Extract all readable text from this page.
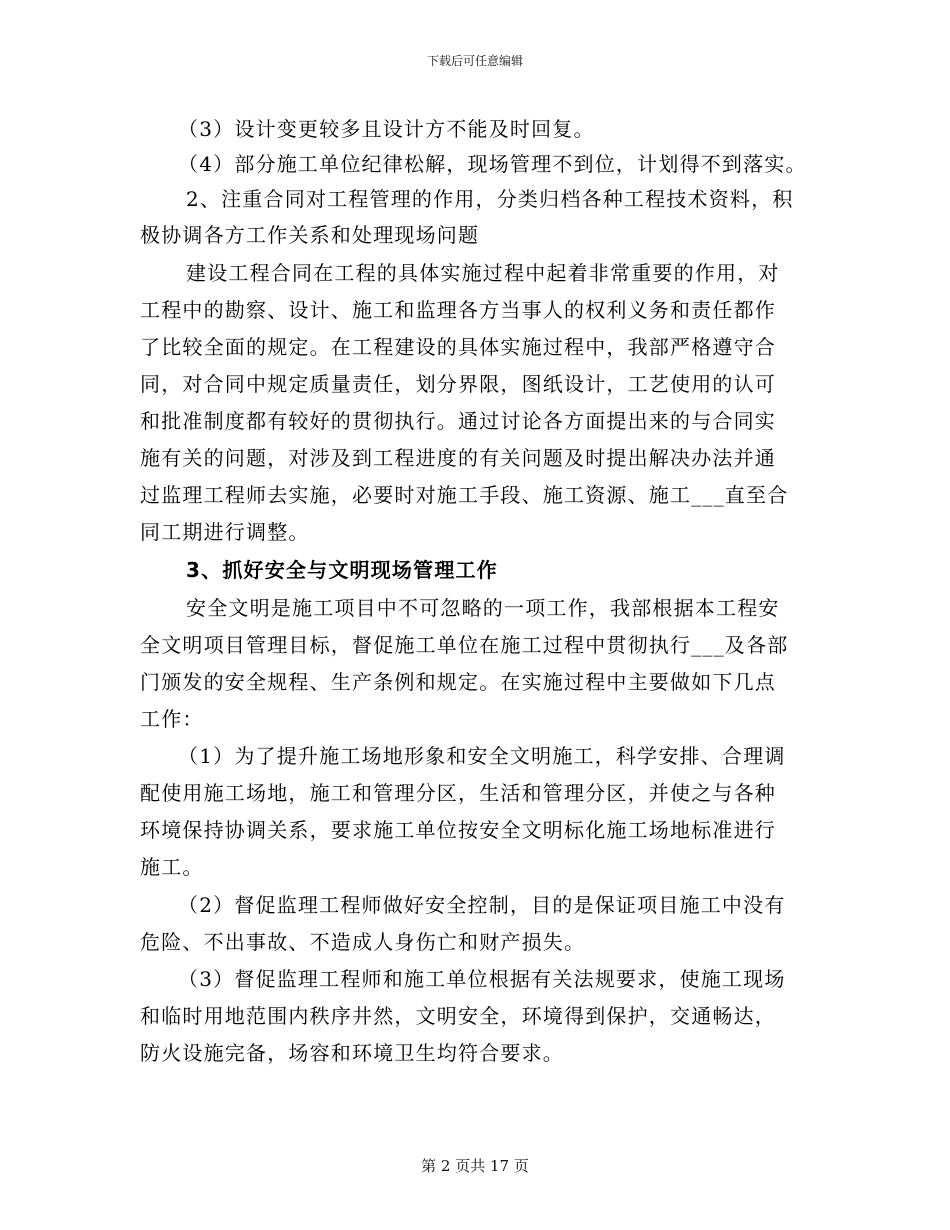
下载后可任意编辑
（3）设计变更较多且设计方不能及时回复。
（4）部分施工单位纪律松解，现场管理不到位，计划得不到落实。
2、注重合同对工程管理的作用，分类归档各种工程技术资料，积
极协调各方工作关系和处理现场问题
建设工程合同在工程的具体实施过程中起着非常重要的作用，对
工程中的勘察、设计、施工和监理各方当事人的权利义务和责任都作
了比较全面的规定。在工程建设的具体实施过程中，我部严格遵守合
同，对合同中规定质量责任，划分界限，图纸设计，工艺使用的认可
和批准制度都有较好的贯彻执行。通过讨论各方面提出来的与合同实
施有关的问题，对涉及到工程进度的有关问题及时提出解决办法并通
过监理工程师去实施，必要时对施工手段、施工资源、施工___直至合
同工期进行调整。
3、抓好安全与文明现场管理工作
安全文明是施工项目中不可忽略的一项工作，我部根据本工程安
全文明项目管理目标，督促施工单位在施工过程中贯彻执行___及各部
门颁发的安全规程、生产条例和规定。在实施过程中主要做如下几点
工作：
（1）为了提升施工场地形象和安全文明施工，科学安排、合理调
配使用施工场地，施工和管理分区，生活和管理分区，并使之与各种
环境保持协调关系，要求施工单位按安全文明标化施工场地标准进行
施工。
（2）督促监理工程师做好安全控制，目的是保证项目施工中没有
危险、不出事故、不造成人身伤亡和财产损失。
（3）督促监理工程师和施工单位根据有关法规要求，使施工现场
和临时用地范围内秩序井然，文明安全，环境得到保护，交通畅达，
防火设施完备，场容和环境卫生均符合要求。
第 2 页共 17 页
